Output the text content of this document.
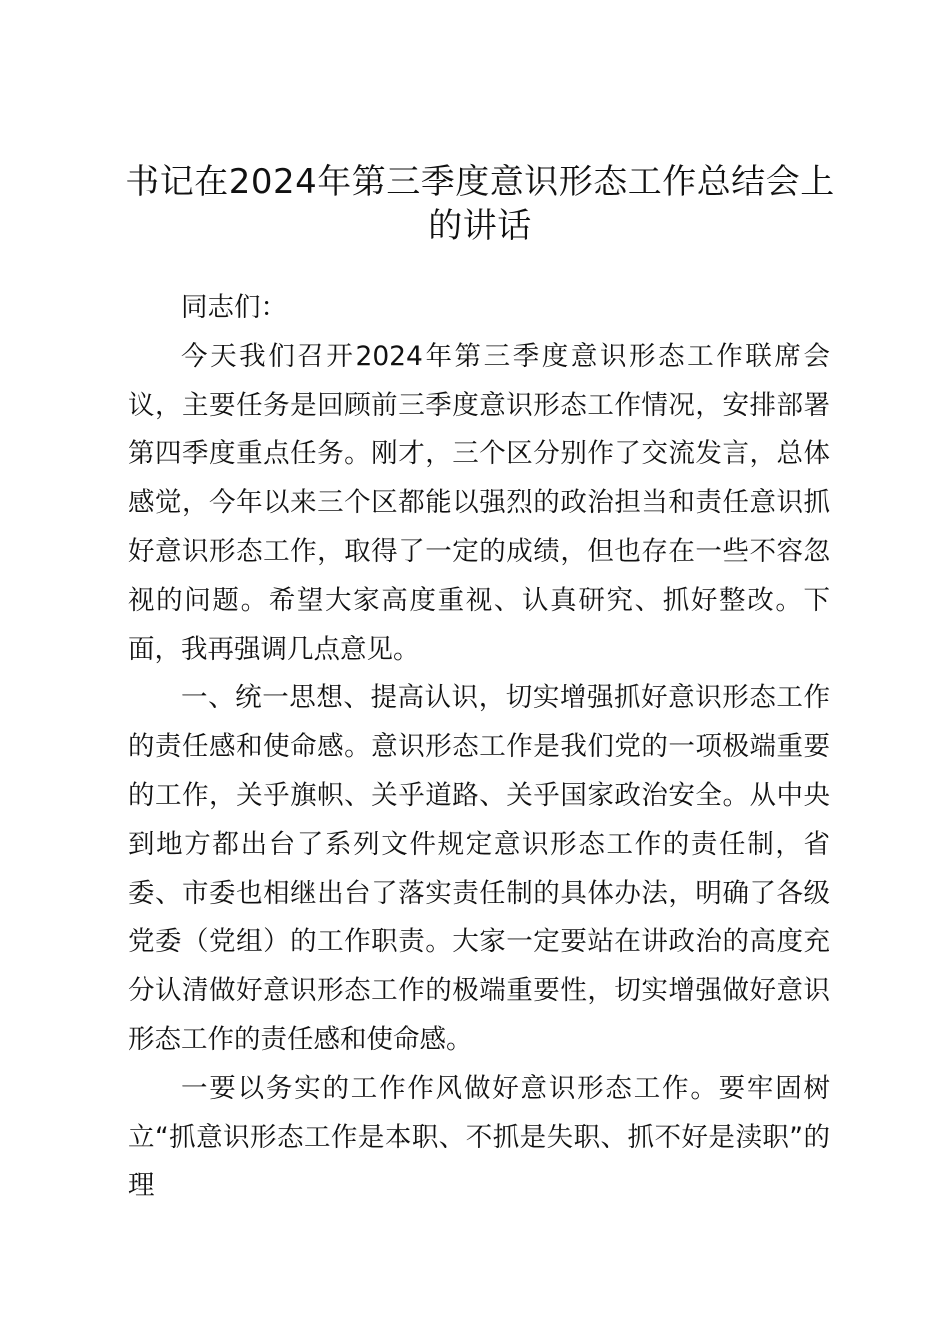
书记在2024年第三季度意识形态工作总结会上的讲话

同志们：

今天我们召开2024年第三季度意识形态工作联席会议，主要任务是回顾前三季度意识形态工作情况，安排部署第四季度重点任务。刚才，三个区分别作了交流发言，总体感觉，今年以来三个区都能以强烈的政治担当和责任意识抓好意识形态工作，取得了一定的成绩，但也存在一些不容忽视的问题。希望大家高度重视、认真研究、抓好整改。下面，我再强调几点意见。

一、统一思想、提高认识，切实增强抓好意识形态工作的责任感和使命感。意识形态工作是我们党的一项极端重要的工作，关乎旗帜、关乎道路、关乎国家政治安全。从中央到地方都出台了系列文件规定意识形态工作的责任制，省委、市委也相继出台了落实责任制的具体办法，明确了各级党委（党组）的工作职责。大家一定要站在讲政治的高度充分认清做好意识形态工作的极端重要性，切实增强做好意识形态工作的责任感和使命感。

一要以务实的工作作风做好意识形态工作。要牢固树立“抓意识形态工作是本职、不抓是失职、抓不好是渎职”的理
